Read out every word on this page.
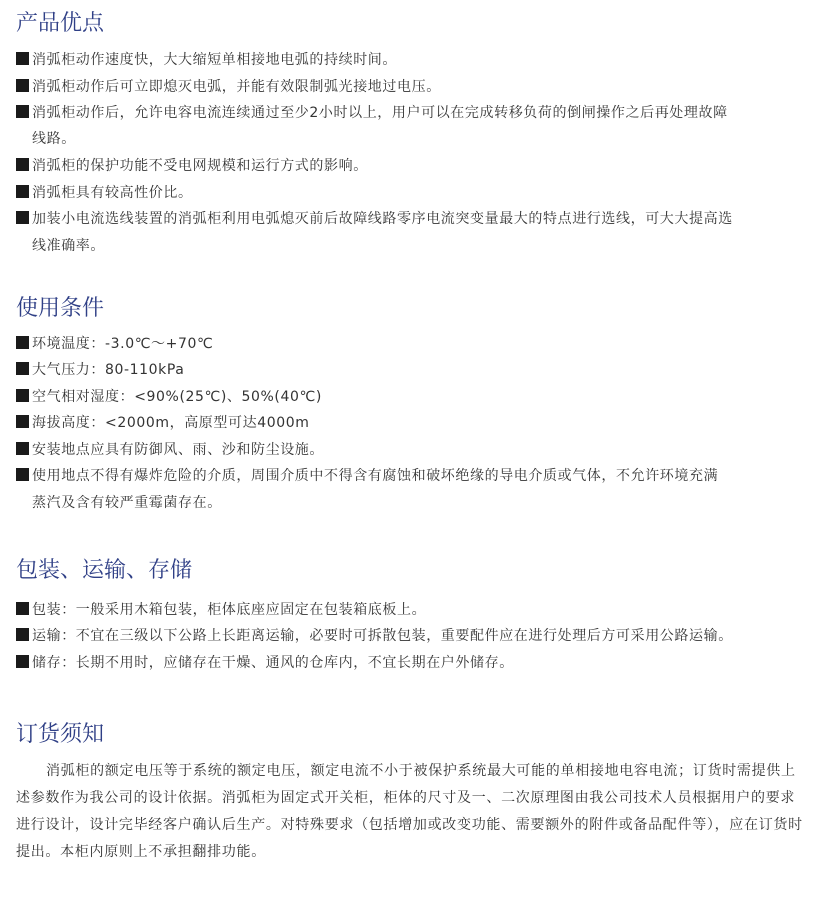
产品优点
消弧柜动作速度快，大大缩短单相接地电弧的持续时间。
消弧柜动作后可立即熄灭电弧，并能有效限制弧光接地过电压。
消弧柜动作后，允许电容电流连续通过至少2小时以上，用户可以在完成转移负荷的倒闸操作之后再处理故障
线路。
消弧柜的保护功能不受电网规模和运行方式的影响。
消弧柜具有较高性价比。
加装小电流选线装置的消弧柜利用电弧熄灭前后故障线路零序电流突变量最大的特点进行选线，可大大提高选
线准确率。
使用条件
环境温度：-3.0℃～+70℃
大气压力：80-110kPa
空气相对湿度：<90%(25℃)、50%(40℃)
海拔高度：<2000m，高原型可达4000m
安装地点应具有防御风、雨、沙和防尘设施。
使用地点不得有爆炸危险的介质，周围介质中不得含有腐蚀和破坏绝缘的导电介质或气体，不允许环境充满
蒸汽及含有较严重霉菌存在。
包装、运输、存储
包装：一般采用木箱包装，柜体底座应固定在包装箱底板上。
运输：不宜在三级以下公路上长距离运输，必要时可拆散包装，重要配件应在进行处理后方可采用公路运输。
储存：长期不用时，应储存在干燥、通风的仓库内，不宜长期在户外储存。
订货须知

消弧柜的额定电压等于系统的额定电压，额定电流不小于被保护系统最大可能的单相接地电容电流；订货时需提供上述参数作为我公司的设计依据。消弧柜为固定式开关柜，柜体的尺寸及一、二次原理图由我公司技术人员根据用户的要求进行设计，设计完毕经客户确认后生产。对特殊要求（包括增加或改变功能、需要额外的附件或备品配件等），应在订货时提出。本柜内原则上不承担翻排功能。
